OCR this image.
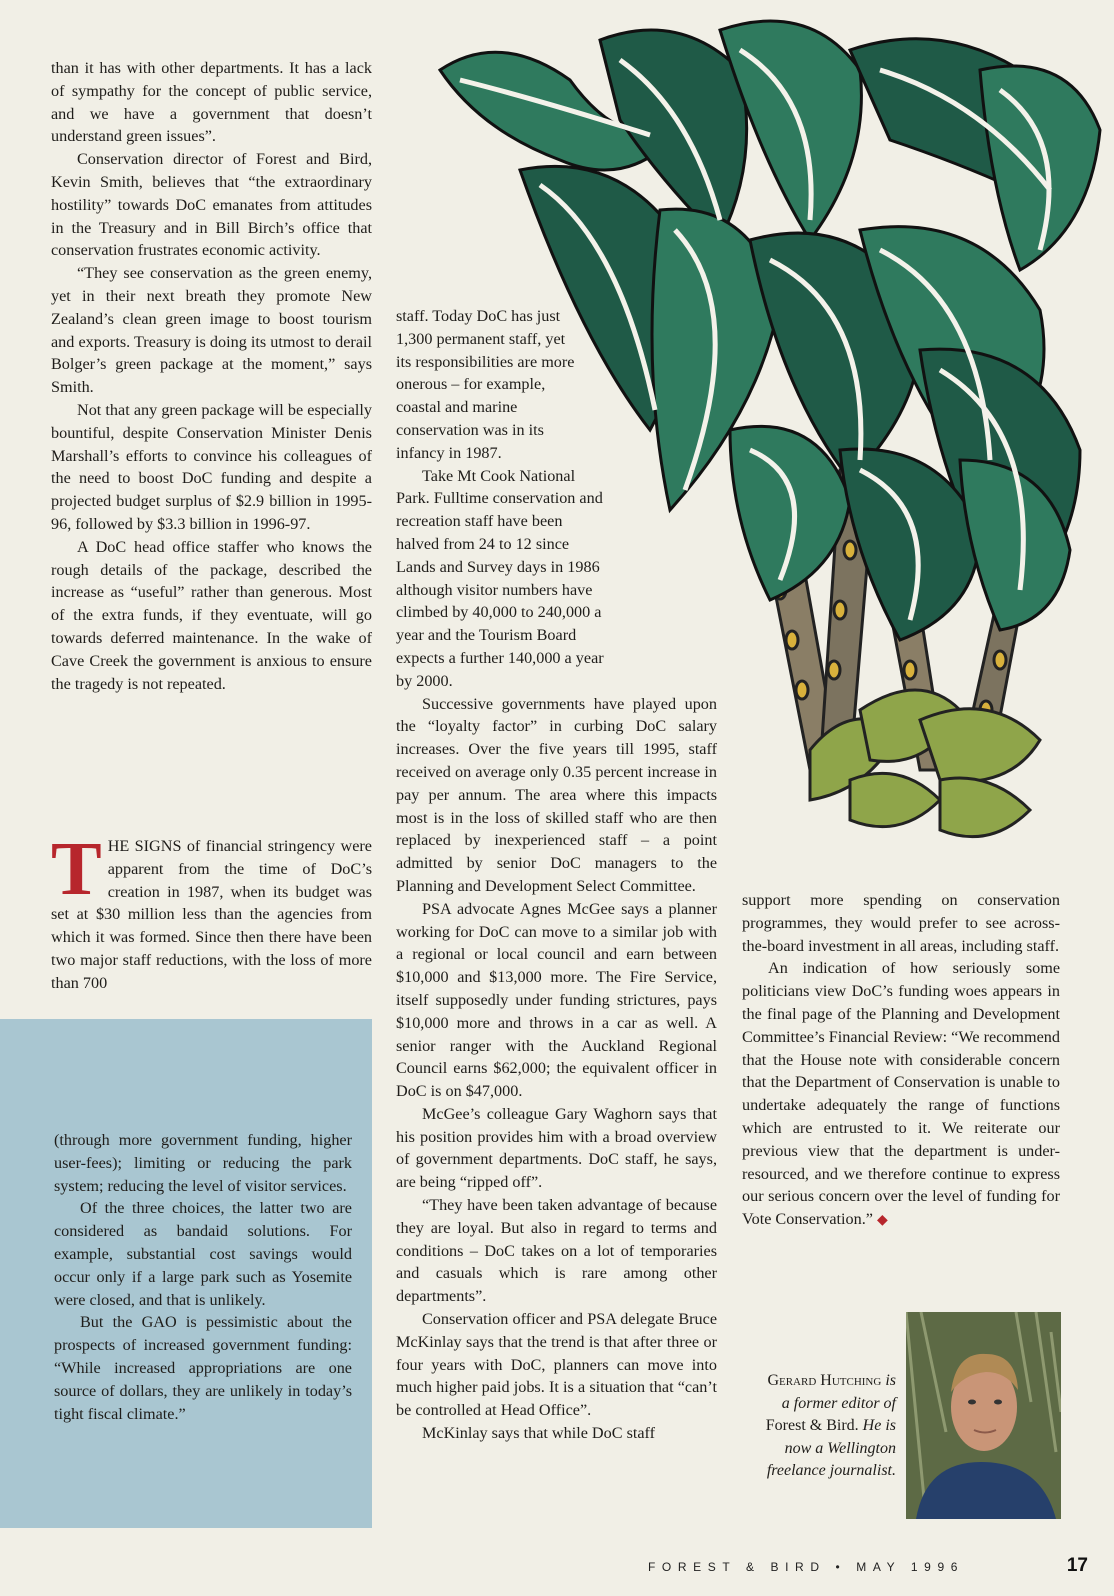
than it has with other departments. It has a lack of sympathy for the concept of public service, and we have a government that doesn’t understand green issues”.

Conservation director of Forest and Bird, Kevin Smith, believes that “the extraordinary hostility” towards DoC emanates from attitudes in the Treasury and in Bill Birch’s office that conservation frustrates economic activity.

“They see conservation as the green enemy, yet in their next breath they promote New Zealand’s clean green image to boost tourism and exports. Treasury is doing its utmost to derail Bolger’s green package at the moment,” says Smith.

Not that any green package will be especially bountiful, despite Conservation Minister Denis Marshall’s efforts to convince his colleagues of the need to boost DoC funding and despite a projected budget surplus of $2.9 billion in 1995-96, followed by $3.3 billion in 1996-97.

A DoC head office staffer who knows the rough details of the package, described the increase as “useful” rather than generous. Most of the extra funds, if they eventuate, will go towards deferred maintenance. In the wake of Cave Creek the government is anxious to ensure the tragedy is not repeated.

THE SIGNS of financial stringency were apparent from the time of DoC’s creation in 1987, when its budget was set at $30 million less than the agencies from which it was formed. Since then there have been two major staff reductions, with the loss of more than 700

(through more government funding, higher user-fees); limiting or reducing the park system; reducing the level of visitor services.

Of the three choices, the latter two are considered as bandaid solutions. For example, substantial cost savings would occur only if a large park such as Yosemite were closed, and that is unlikely.

But the GAO is pessimistic about the prospects of increased government funding: “While increased appropriations are one source of dollars, they are unlikely in today’s tight fiscal climate.”

staff. Today DoC has just 1,300 permanent staff, yet its responsibilities are more onerous – for example, coastal and marine conservation was in its infancy in 1987.

Take Mt Cook National Park. Fulltime conservation and recreation staff have been halved from 24 to 12 since Lands and Survey days in 1986 although visitor numbers have climbed by 40,000 to 240,000 a year and the Tourism Board expects a further 140,000 a year by 2000.

Successive governments have played upon the “loyalty factor” in curbing DoC salary increases. Over the five years till 1995, staff received on average only 0.35 percent increase in pay per annum. The area where this impacts most is in the loss of skilled staff who are then replaced by inexperienced staff – a point admitted by senior DoC managers to the Planning and Development Select Committee.

PSA advocate Agnes McGee says a planner working for DoC can move to a similar job with a regional or local council and earn between $10,000 and $13,000 more. The Fire Service, itself supposedly under funding strictures, pays $10,000 more and throws in a car as well. A senior ranger with the Auckland Regional Council earns $62,000; the equivalent officer in DoC is on $47,000.

McGee’s colleague Gary Waghorn says that his position provides him with a broad overview of government departments. DoC staff, he says, are being “ripped off”.

“They have been taken advantage of because they are loyal. But also in regard to terms and conditions – DoC takes on a lot of temporaries and casuals which is rare among other departments”.

Conservation officer and PSA delegate Bruce McKinlay says that the trend is that after three or four years with DoC, planners can move into much higher paid jobs. It is a situation that “can’t be controlled at Head Office”.

McKinlay says that while DoC staff

support more spending on conservation programmes, they would prefer to see across-the-board investment in all areas, including staff.

An indication of how seriously some politicians view DoC’s funding woes appears in the final page of the Planning and Development Committee’s Financial Review: “We recommend that the House note with considerable concern that the Department of Conservation is unable to undertake adequately the range of functions which are entrusted to it. We reiterate our previous view that the department is under-resourced, and we therefore continue to express our serious concern over the level of funding for Vote Conservation.” ◆

Gerard Hutching is
a former editor of
Forest & Bird. He is
now a Wellington
freelance journalist.
FOREST & BIRD • MAY 1996	17
